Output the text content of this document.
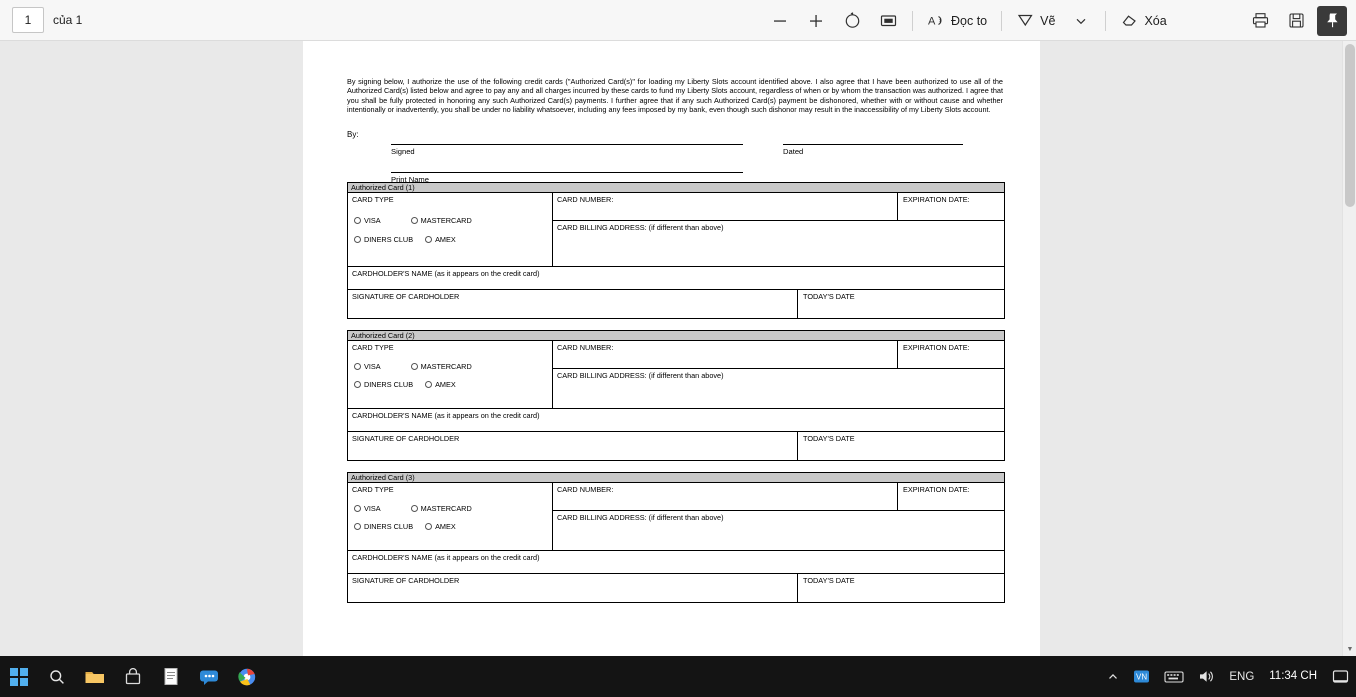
1	của 1	A Đọc to	Vẽ	Xóa

By signing below, I authorize the use of the following credit cards ("Authorized Card(s)" for loading my Liberty Slots account identified above. I also agree that I have been authorized to use all of the Authorized Card(s) listed below and agree to pay any and all charges incurred by these cards to fund my Liberty Slots account, regardless of when or by whom the transaction was authorized. I agree that you shall be fully protected in honoring any such Authorized Card(s) payments. I further agree that if any such Authorized Card(s) payment be dishonored, whether with or without cause and whether intentionally or inadvertently, you shall be under no liability whatsoever, including any fees imposed by my bank, even though such dishonor may result in the inaccessibility of my Liberty Slots account.

By:
Signed	Dated
Print Name
Authorized Card (1)
CARD TYPE
VISA	MASTERCARD
DINERS CLUB	AMEX
CARD NUMBER:	EXPIRATION DATE:
CARD BILLING ADDRESS: (if different than above)
CARDHOLDER'S NAME (as it appears on the credit card)
SIGNATURE OF CARDHOLDER	TODAY'S DATE
Authorized Card (2)
CARD TYPE
VISA	MASTERCARD
DINERS CLUB	AMEX
CARD NUMBER:	EXPIRATION DATE:
CARD BILLING ADDRESS: (if different than above)
CARDHOLDER'S NAME (as it appears on the credit card)
SIGNATURE OF CARDHOLDER	TODAY'S DATE
Authorized Card (3)
CARD TYPE
VISA	MASTERCARD
DINERS CLUB	AMEX
CARD NUMBER:	EXPIRATION DATE:
CARD BILLING ADDRESS: (if different than above)
CARDHOLDER'S NAME (as it appears on the credit card)
SIGNATURE OF CARDHOLDER	TODAY'S DATE
▼
VN	ENG	11:34 CH
